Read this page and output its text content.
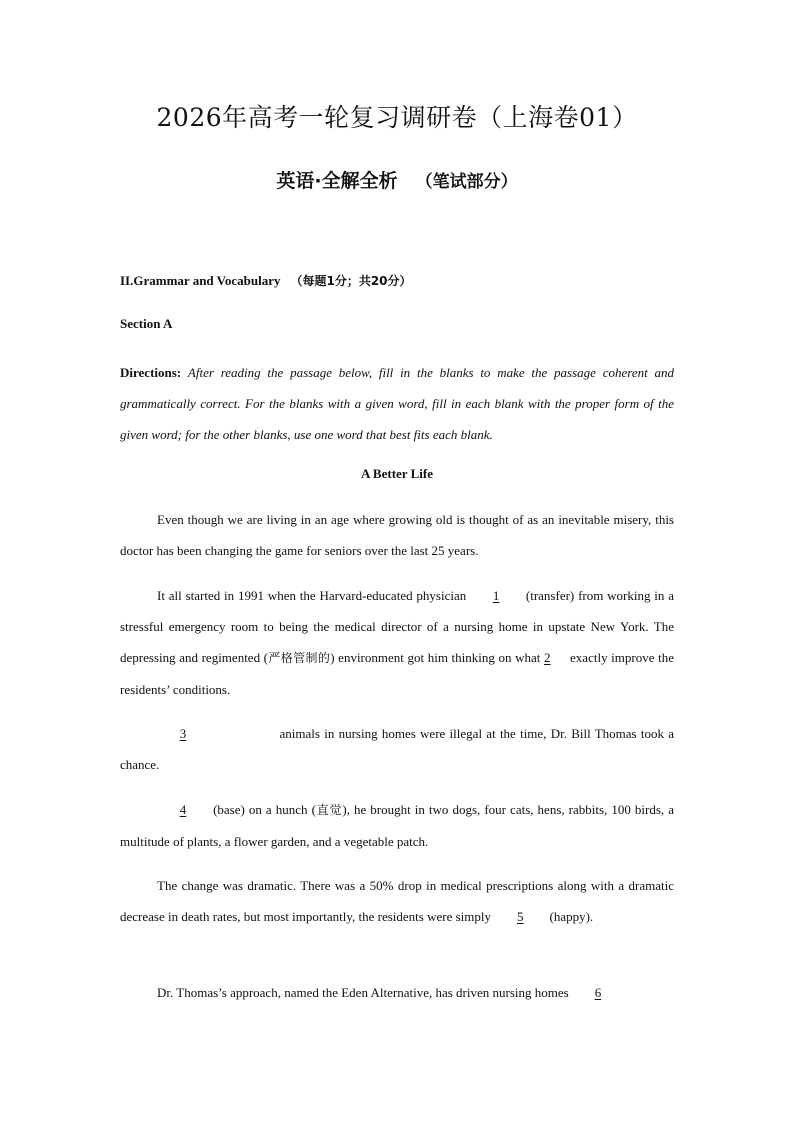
2026年高考一轮复习调研卷（上海卷01）
英语·全解全析 （笔试部分）
II.Grammar and Vocabulary （每题1分；共20分）
Section A
Directions: After reading the passage below, fill in the blanks to make the passage coherent and grammatically correct. For the blanks with a given word, fill in each blank with the proper form of the given word; for the other blanks, use one word that best fits each blank.
A Better Life
Even though we are living in an age where growing old is thought of as an inevitable misery, this doctor has been changing the game for seniors over the last 25 years.
It all started in 1991 when the Harvard-educated physician 1 (transfer) from working in a stressful emergency room to being the medical director of a nursing home in upstate New York. The depressing and regimented (严格管制的) environment got him thinking on what 2 exactly improve the residents’ conditions.
3	animals in nursing homes were illegal at the time, Dr. Bill Thomas took a chance.
4 (base) on a hunch (直觉), he brought in two dogs, four cats, hens, rabbits, 100 birds, a multitude of plants, a flower garden, and a vegetable patch.
The change was dramatic. There was a 50% drop in medical prescriptions along with a dramatic decrease in death rates, but most importantly, the residents were simply 5 (happy).
Dr. Thomas’s approach, named the Eden Alternative, has driven nursing homes 6
